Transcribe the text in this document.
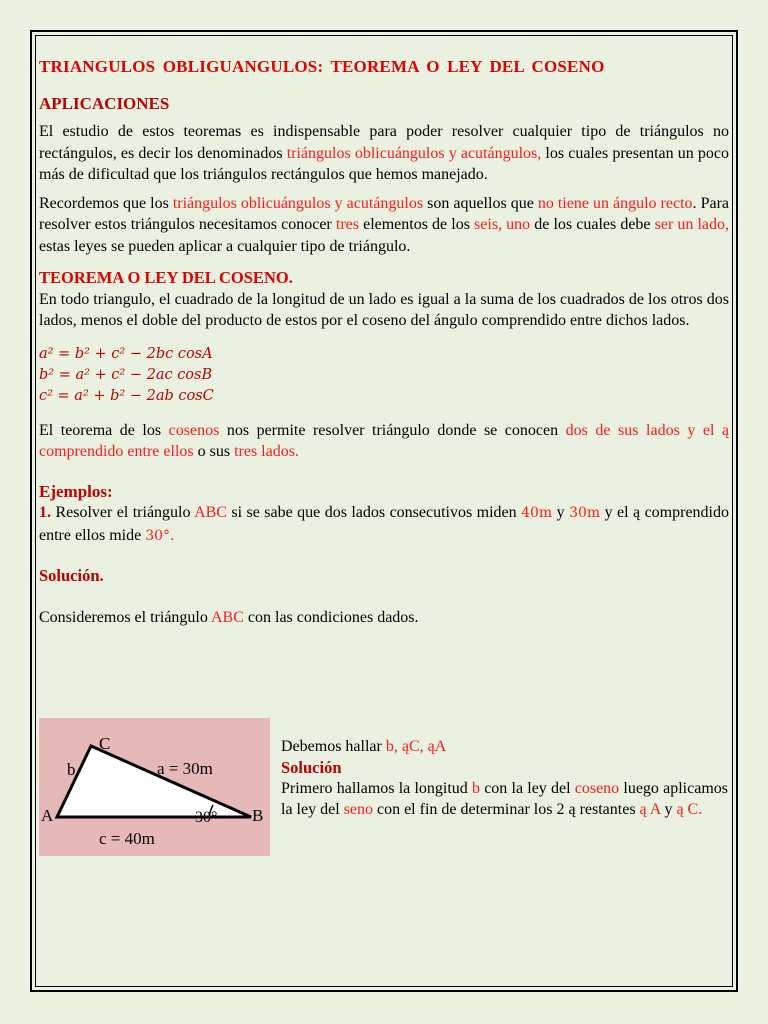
TRIANGULOS OBLIGUANGULOS: TEOREMA O LEY DEL COSENO
APLICACIONES

El estudio de estos teoremas es indispensable para poder resolver cualquier tipo de triángulos no rectángulos, es decir los denominados triángulos oblicuángulos y acutángulos, los cuales presentan un poco más de dificultad que los triángulos rectángulos que hemos manejado.

Recordemos que los triángulos oblicuángulos y acutángulos son aquellos que no tiene un ángulo recto. Para resolver estos triángulos necesitamos conocer tres elementos de los seis, uno de los cuales debe ser un lado, estas leyes se pueden aplicar a cualquier tipo de triángulo.

TEOREMA O LEY DEL COSENO.

En todo triangulo, el cuadrado de la longitud de un lado es igual a la suma de los cuadrados de los otros dos lados, menos el doble del producto de estos por el coseno del ángulo comprendido entre dichos lados.

a² = b² + c² − 2bc cosA
b² = a² + c² − 2ac cosB
c² = a² + b² − 2ab cosC

El teorema de los cosenos nos permite resolver triángulo donde se conocen dos de sus lados y el ą comprendido entre ellos o sus tres lados.

Ejemplos:

1. Resolver el triángulo ABC si se sabe que dos lados consecutivos miden 40m y 30m y el ą comprendido entre ellos mide 30°.

Solución.

Consideremos el triángulo ABC con las condiciones dados.

C
A	B
b	a = 30m
c = 40m
30°
Debemos hallar b, ąC, ąA
Solución

Primero hallamos la longitud b con la ley del coseno luego aplicamos la ley del seno con el fin de determinar los 2 ą restantes ą A y ą C.
